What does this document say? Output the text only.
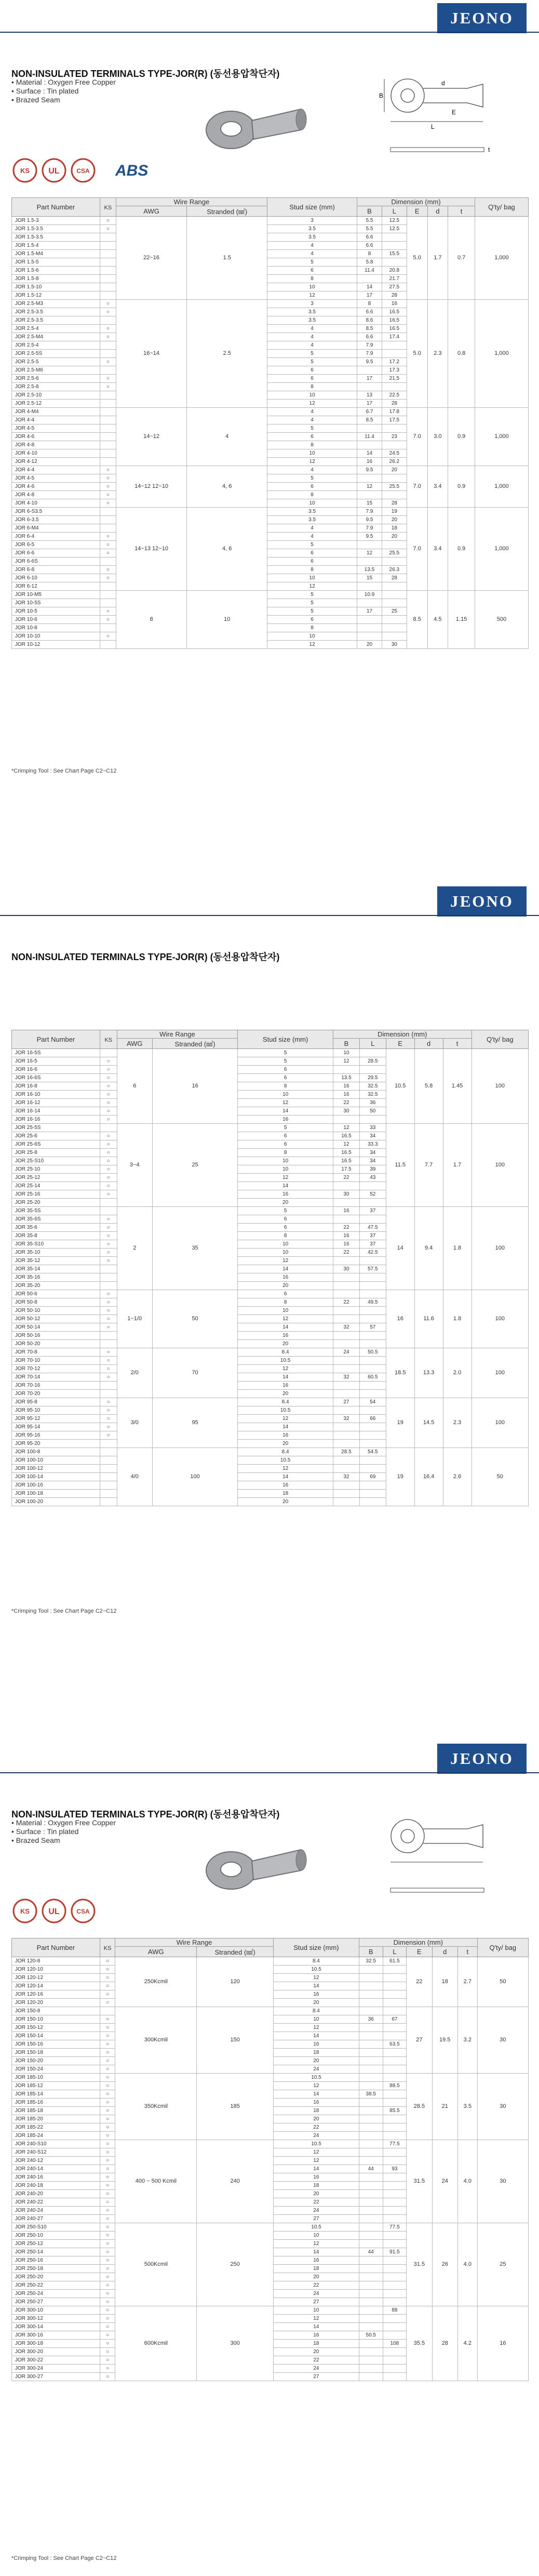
JEONO
NON-INSULATED TERMINALS TYPE-JOR(R) (동선용압착단자)
• Material : Oxygen Free Copper
• Surface : Tin plated
• Brazed Seam
L
B
d
t
E
KS UL	CSA ABS
Part Number	KS	Wire Range		Stud size (mm)	Dimension (mm)					Q'ty/ bag
		AWG	Stranded (㎟)		B	L	E	d	t	
JOR 1.5-3	○	22~16	1.5	3	5.5	12.5	5.0	1.7	0.7	1,000
JOR 1.5-3.5	○			3.5	5.5	12.5				
JOR 1.5-3.5				3.5	6.6					
JOR 1.5-4				4	6.6					
JOR 1.5-M4				4	8	15.5				
JOR 1.5-5				5	5.8					
JOR 1.5-6				6	11.4	20.8				
JOR 1.5-8				8		21.7				
JOR 1.5-10				10	14	27.5				
JOR 1.5-12				12	17	28				
JOR 2.5-M3	○	16~14	2.5	3	8	16	5.0	2.3	0.8	1,000
JOR 2.5-3.5	○			3.5	6.6	16.5				
JOR 2.5-3.5				3.5	8.6	16.5				
JOR 2.5-4	○			4	8.5	16.5				
JOR 2.5-M4	○			4	6.6	17.4				
JOR 2.5-4				4	7.9					
JOR 2.5-5S				5	7.9					
JOR 2.5-5	○			5	9.5	17.2				
JOR 2.5-M6				6		17.3				
JOR 2.5-6	○			6	17	21.5				
JOR 2.5-8	○			8						
JOR 2.5-10				10	13	22.5				
JOR 2.5-12				12	17	28				
JOR 4-M4		14~12	4	4	6.7	17.8	7.0	3.0	0.9	1,000
JOR 4-4				4	8.5	17.5				
JOR 4-5				5						
JOR 4-6				6	11.4	23				
JOR 4-8				8						
JOR 4-10				10	14	24.5				
JOR 4-12				12	16	26.2				
JOR 4-4	○	14~12 12~10	4, 6	4	9.5	20	7.0	3.4	0.9	1,000
JOR 4-5	○			5						
JOR 4-6	○			6	12	25.5				
JOR 4-8	○			8						
JOR 4-10	○			10	15	28				
JOR 6-S3.5		14~13 12~10	4, 6	3.5	7.9	19	7.0	3.4	0.9	1,000
JOR 6-3.5				3.5	9.5	20				
JOR 6-M4				4	7.9	18				
JOR 6-4	○			4	9.5	20				
JOR 6-5	○			5						
JOR 6-6	○			6	12	25.5				
JOR 6-6S				6						
JOR 6-8	○			8	13.5	26.3				
JOR 6-10	○			10	15	28				
JOR 6-12				12						
JOR 10-M5		8	10	5	10.9		8.5	4.5	1.15	500
JOR 10-5S				5						
JOR 10-5	○			5	17	25				
JOR 10-6	○			6						
JOR 10-8				8						
JOR 10-10	○			10						
JOR 10-12				12	20	30				
*Crimping Tool : See Chart Page C2~C12
JEONO
NON-INSULATED TERMINALS TYPE-JOR(R) (동선용압착단자)
Part Number	KS	Wire Range		Stud size (mm)	Dimension (mm)					Q'ty/ bag
		AWG	Stranded (㎟)		B	L	E	d	t	
JOR 16-5S		6	16	5	10		10.5	5.8	1.45	100
JOR 16-5	○			5	12	28.5				
JOR 16-6	○			6						
JOR 16-6S	○			6	13.5	29.5				
JOR 16-8	○			8	16	32.5				
JOR 16-10	○			10	16	32.5				
JOR 16-12	○			12	22	36				
JOR 16-14	○			14	30	50				
JOR 16-16	○			16						
JOR 25-5S		3~4	25	5	12	33	11.5	7.7	1.7	100
JOR 25-6	○			6	16.5	34				
JOR 25-6S	○			6	12	33.3				
JOR 25-8	○			8	16.5	34				
JOR 25-S10	○			10	16.5	34				
JOR 25-10	○			10	17.5	39				
JOR 25-12	○			12	22	43				
JOR 25-14	○			14						
JOR 25-16	○			16	30	52				
JOR 25-20				20						
JOR 35-5S		2	35	5	16	37	14	9.4	1.8	100
JOR 35-6S	○			6						
JOR 35-6	○			6	22	47.5				
JOR 35-8	○			8	16	37				
JOR 35-S10	○			10	16	37				
JOR 35-10	○			10	22	42.5				
JOR 35-12	○			12						
JOR 35-14				14	30	57.5				
JOR 35-16				16						
JOR 35-20				20						
JOR 50-6	○	1~1/0	50	6			16	11.6	1.8	100
JOR 50-8	○			8	22	49.5				
JOR 50-10	○			10						
JOR 50-12	○			12						
JOR 50-14	○			14	32	57				
JOR 50-16				16						
JOR 50-20				20						
JOR 70-8	○	2/0	70	8.4	24	50.5	18.5	13.3	2.0	100
JOR 70-10	○			10.5						
JOR 70-12	○			12						
JOR 70-14	○			14	32	60.5				
JOR 70-16				16						
JOR 70-20				20						
JOR 95-8	○	3/0	95	8.4	27	54	19	14.5	2.3	100
JOR 95-10	○			10.5						
JOR 95-12	○			12	32	66				
JOR 95-14	○			14						
JOR 95-16	○			16						
JOR 95-20				20						
JOR 100-8		4/0	100	8.4	28.5	54.5	19	16.4	2.6	50
JOR 100-10				10.5						
JOR 100-12				12						
JOR 100-14				14	32	69				
JOR 100-16				16						
JOR 100-18				18						
JOR 100-20				20						
*Crimping Tool : See Chart Page C2~C12
JEONO
NON-INSULATED TERMINALS TYPE-JOR(R) (동선용압착단자)
• Material : Oxygen Free Copper
• Surface : Tin plated
• Brazed Seam
KS UL	CSA
Part Number	KS	Wire Range		Stud size (mm)	Dimension (mm)					Q'ty/ bag
		AWG	Stranded (㎟)		B	L	E	d	t	
JOR 120-8	○	250Kcmil	120	8.4	32.5	61.5	22	18	2.7	50
JOR 120-10	○			10.5						
JOR 120-12	○			12						
JOR 120-14	○			14						
JOR 120-16	○			16						
JOR 120-20	○			20						
JOR 150-8		300Kcmil	150	8.4			27	19.5	3.2	30
JOR 150-10	○			10	36	67				
JOR 150-12	○			12						
JOR 150-14	○			14						
JOR 150-16	○			16		63.5				
JOR 150-18	○			18						
JOR 150-20	○			20						
JOR 150-24	○			24						
JOR 185-10	○	350Kcmil	185	10.5			28.5	21	3.5	30
JOR 185-12	○			12		88.5				
JOR 185-14	○			14	38.5					
JOR 185-16	○			16						
JOR 185-18	○			18		85.5				
JOR 185-20	○			20						
JOR 185-22	○			22						
JOR 185-24	○			24						
JOR 240-S10	○	400 ~ 500 Kcmil	240	10.5		77.5	31.5	24	4.0	30
JOR 240-S12	○			12						
JOR 240-12	○			12						
JOR 240-14	○			14	44	93				
JOR 240-16	○			16						
JOR 240-18	○			18						
JOR 240-20	○			20						
JOR 240-22	○			22						
JOR 240-24	○			24						
JOR 240-27	○			27						
JOR 250-S10	○	500Kcmil	250	10.5		77.5	31.5	26	4.0	25
JOR 250-10	○			10						
JOR 250-12	○			12						
JOR 250-14	○			14	44	91.5				
JOR 250-16	○			16						
JOR 250-18	○			18						
JOR 250-20	○			20						
JOR 250-22	○			22						
JOR 250-24	○			24						
JOR 250-27	○			27						
JOR 300-10	○	600Kcmil	300	10		88	35.5	28	4.2	16
JOR 300-12	○			12						
JOR 300-14	○			14						
JOR 300-16	○			16	50.5					
JOR 300-18	○			18		108				
JOR 300-20	○			20						
JOR 300-22	○			22						
JOR 300-24	○			24						
JOR 300-27	○			27						
*Crimping Tool : See Chart Page C2~C12
